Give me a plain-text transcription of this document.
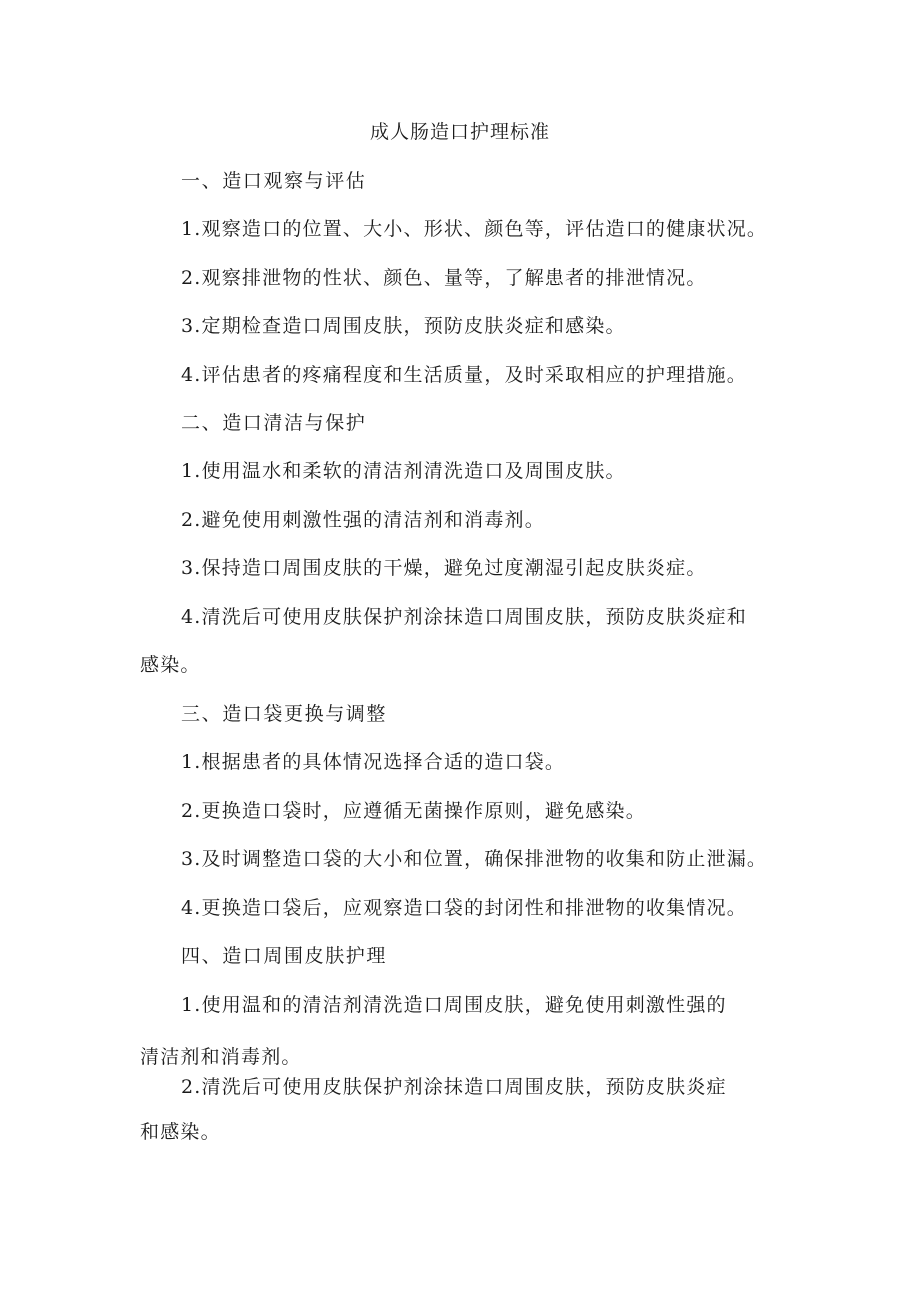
成人肠造口护理标准
一、造口观察与评估
1.观察造口的位置、大小、形状、颜色等，评估造口的健康状况。
2.观察排泄物的性状、颜色、量等，了解患者的排泄情况。
3.定期检查造口周围皮肤，预防皮肤炎症和感染。
4.评估患者的疼痛程度和生活质量，及时采取相应的护理措施。
二、造口清洁与保护
1.使用温水和柔软的清洁剂清洗造口及周围皮肤。
2.避免使用刺激性强的清洁剂和消毒剂。
3.保持造口周围皮肤的干燥，避免过度潮湿引起皮肤炎症。
4.清洗后可使用皮肤保护剂涂抹造口周围皮肤，预防皮肤炎症和
感染。
三、造口袋更换与调整
1.根据患者的具体情况选择合适的造口袋。
2.更换造口袋时，应遵循无菌操作原则，避免感染。
3.及时调整造口袋的大小和位置，确保排泄物的收集和防止泄漏。
4.更换造口袋后，应观察造口袋的封闭性和排泄物的收集情况。
四、造口周围皮肤护理
1.使用温和的清洁剂清洗造口周围皮肤，避免使用刺激性强的
清洁剂和消毒剂。
2.清洗后可使用皮肤保护剂涂抹造口周围皮肤，预防皮肤炎症
和感染。
